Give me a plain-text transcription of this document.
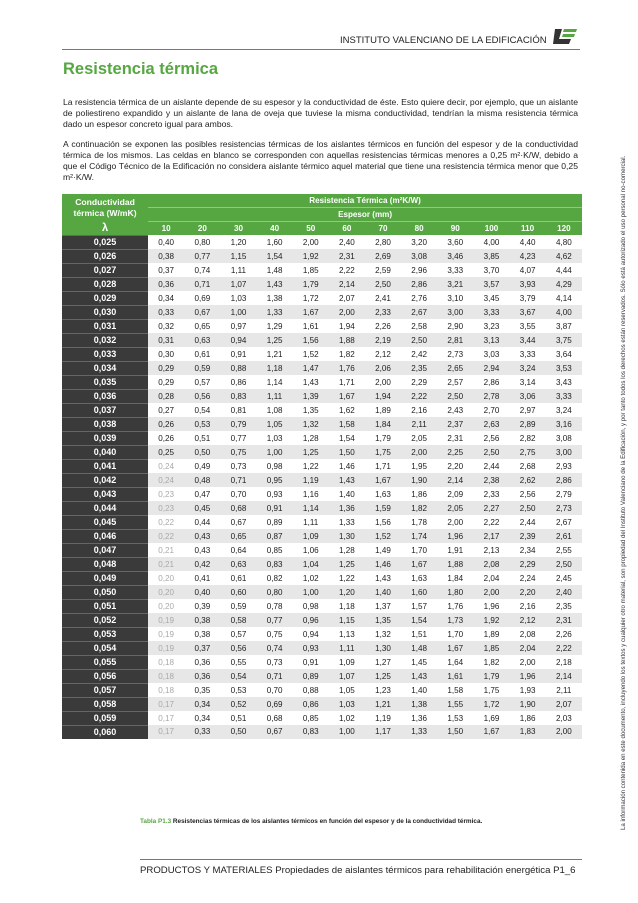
INSTITUTO VALENCIANO DE LA EDIFICACIÓN
Resistencia térmica
La resistencia térmica de un aislante depende de su espesor y la conductividad de éste. Esto quiere decir, por ejemplo, que un aislante de poliestireno expandido y un aislante de lana de oveja que tuviese la misma conductividad, tendrían la misma resistencia térmica dado un espesor concreto igual para ambos.
A continuación se exponen las posibles resistencias térmicas de los aislantes térmicos en función del espesor y de la conductividad térmica de los mismos. Las celdas en blanco se corresponden con aquellas resistencias térmicas menores a 0,25 m²·K/W, debido a que el Código Técnico de la Edificación no considera aislante térmico aquel material que tiene una resistencia térmica menor que 0,25 m²·K/W.	La información contenida en este documento, incluyendo los textos y cualquier otro material, son propiedad del Instituto Valenciano de la Edificación, y por tanto todos los derechos están reservados. Sólo está autorizado el uso personal no-comercial.
Conductividad térmica (W/mK)	Resistencia Térmica (m²K/W)											
	Espesor (mm)											
λ	10	20	30	40	50	60	70	80	90	100	110	120
0,025	0,40	0,80	1,20	1,60	2,00	2,40	2,80	3,20	3,60	4,00	4,40	4,80
0,026	0,38	0,77	1,15	1,54	1,92	2,31	2,69	3,08	3,46	3,85	4,23	4,62
0,027	0,37	0,74	1,11	1,48	1,85	2,22	2,59	2,96	3,33	3,70	4,07	4,44
0,028	0,36	0,71	1,07	1,43	1,79	2,14	2,50	2,86	3,21	3,57	3,93	4,29
0,029	0,34	0,69	1,03	1,38	1,72	2,07	2,41	2,76	3,10	3,45	3,79	4,14
0,030	0,33	0,67	1,00	1,33	1,67	2,00	2,33	2,67	3,00	3,33	3,67	4,00
0,031	0,32	0,65	0,97	1,29	1,61	1,94	2,26	2,58	2,90	3,23	3,55	3,87
0,032	0,31	0,63	0,94	1,25	1,56	1,88	2,19	2,50	2,81	3,13	3,44	3,75
0,033	0,30	0,61	0,91	1,21	1,52	1,82	2,12	2,42	2,73	3,03	3,33	3,64
0,034	0,29	0,59	0,88	1,18	1,47	1,76	2,06	2,35	2,65	2,94	3,24	3,53
0,035	0,29	0,57	0,86	1,14	1,43	1,71	2,00	2,29	2,57	2,86	3,14	3,43
0,036	0,28	0,56	0,83	1,11	1,39	1,67	1,94	2,22	2,50	2,78	3,06	3,33
0,037	0,27	0,54	0,81	1,08	1,35	1,62	1,89	2,16	2,43	2,70	2,97	3,24
0,038	0,26	0,53	0,79	1,05	1,32	1,58	1,84	2,11	2,37	2,63	2,89	3,16
0,039	0,26	0,51	0,77	1,03	1,28	1,54	1,79	2,05	2,31	2,56	2,82	3,08
0,040	0,25	0,50	0,75	1,00	1,25	1,50	1,75	2,00	2,25	2,50	2,75	3,00
0,041	0,24	0,49	0,73	0,98	1,22	1,46	1,71	1,95	2,20	2,44	2,68	2,93
0,042	0,24	0,48	0,71	0,95	1,19	1,43	1,67	1,90	2,14	2,38	2,62	2,86
0,043	0,23	0,47	0,70	0,93	1,16	1,40	1,63	1,86	2,09	2,33	2,56	2,79
0,044	0,23	0,45	0,68	0,91	1,14	1,36	1,59	1,82	2,05	2,27	2,50	2,73
0,045	0,22	0,44	0,67	0,89	1,11	1,33	1,56	1,78	2,00	2,22	2,44	2,67
0,046	0,22	0,43	0,65	0,87	1,09	1,30	1,52	1,74	1,96	2,17	2,39	2,61
0,047	0,21	0,43	0,64	0,85	1,06	1,28	1,49	1,70	1,91	2,13	2,34	2,55
0,048	0,21	0,42	0,63	0,83	1,04	1,25	1,46	1,67	1,88	2,08	2,29	2,50
0,049	0,20	0,41	0,61	0,82	1,02	1,22	1,43	1,63	1,84	2,04	2,24	2,45
0,050	0,20	0,40	0,60	0,80	1,00	1,20	1,40	1,60	1,80	2,00	2,20	2,40
0,051	0,20	0,39	0,59	0,78	0,98	1,18	1,37	1,57	1,76	1,96	2,16	2,35
0,052	0,19	0,38	0,58	0,77	0,96	1,15	1,35	1,54	1,73	1,92	2,12	2,31
0,053	0,19	0,38	0,57	0,75	0,94	1,13	1,32	1,51	1,70	1,89	2,08	2,26
0,054	0,19	0,37	0,56	0,74	0,93	1,11	1,30	1,48	1,67	1,85	2,04	2,22
0,055	0,18	0,36	0,55	0,73	0,91	1,09	1,27	1,45	1,64	1,82	2,00	2,18
0,056	0,18	0,36	0,54	0,71	0,89	1,07	1,25	1,43	1,61	1,79	1,96	2,14
0,057	0,18	0,35	0,53	0,70	0,88	1,05	1,23	1,40	1,58	1,75	1,93	2,11
0,058	0,17	0,34	0,52	0,69	0,86	1,03	1,21	1,38	1,55	1,72	1,90	2,07
0,059	0,17	0,34	0,51	0,68	0,85	1,02	1,19	1,36	1,53	1,69	1,86	2,03
0,060	0,17	0,33	0,50	0,67	0,83	1,00	1,17	1,33	1,50	1,67	1,83	2,00
Tabla P1.3 Resistencias térmicas de los aislantes térmicos en función del espesor y de la conductividad térmica.
PRODUCTOS Y MATERIALES Propiedades de aislantes térmicos para rehabilitación energética P1_6
